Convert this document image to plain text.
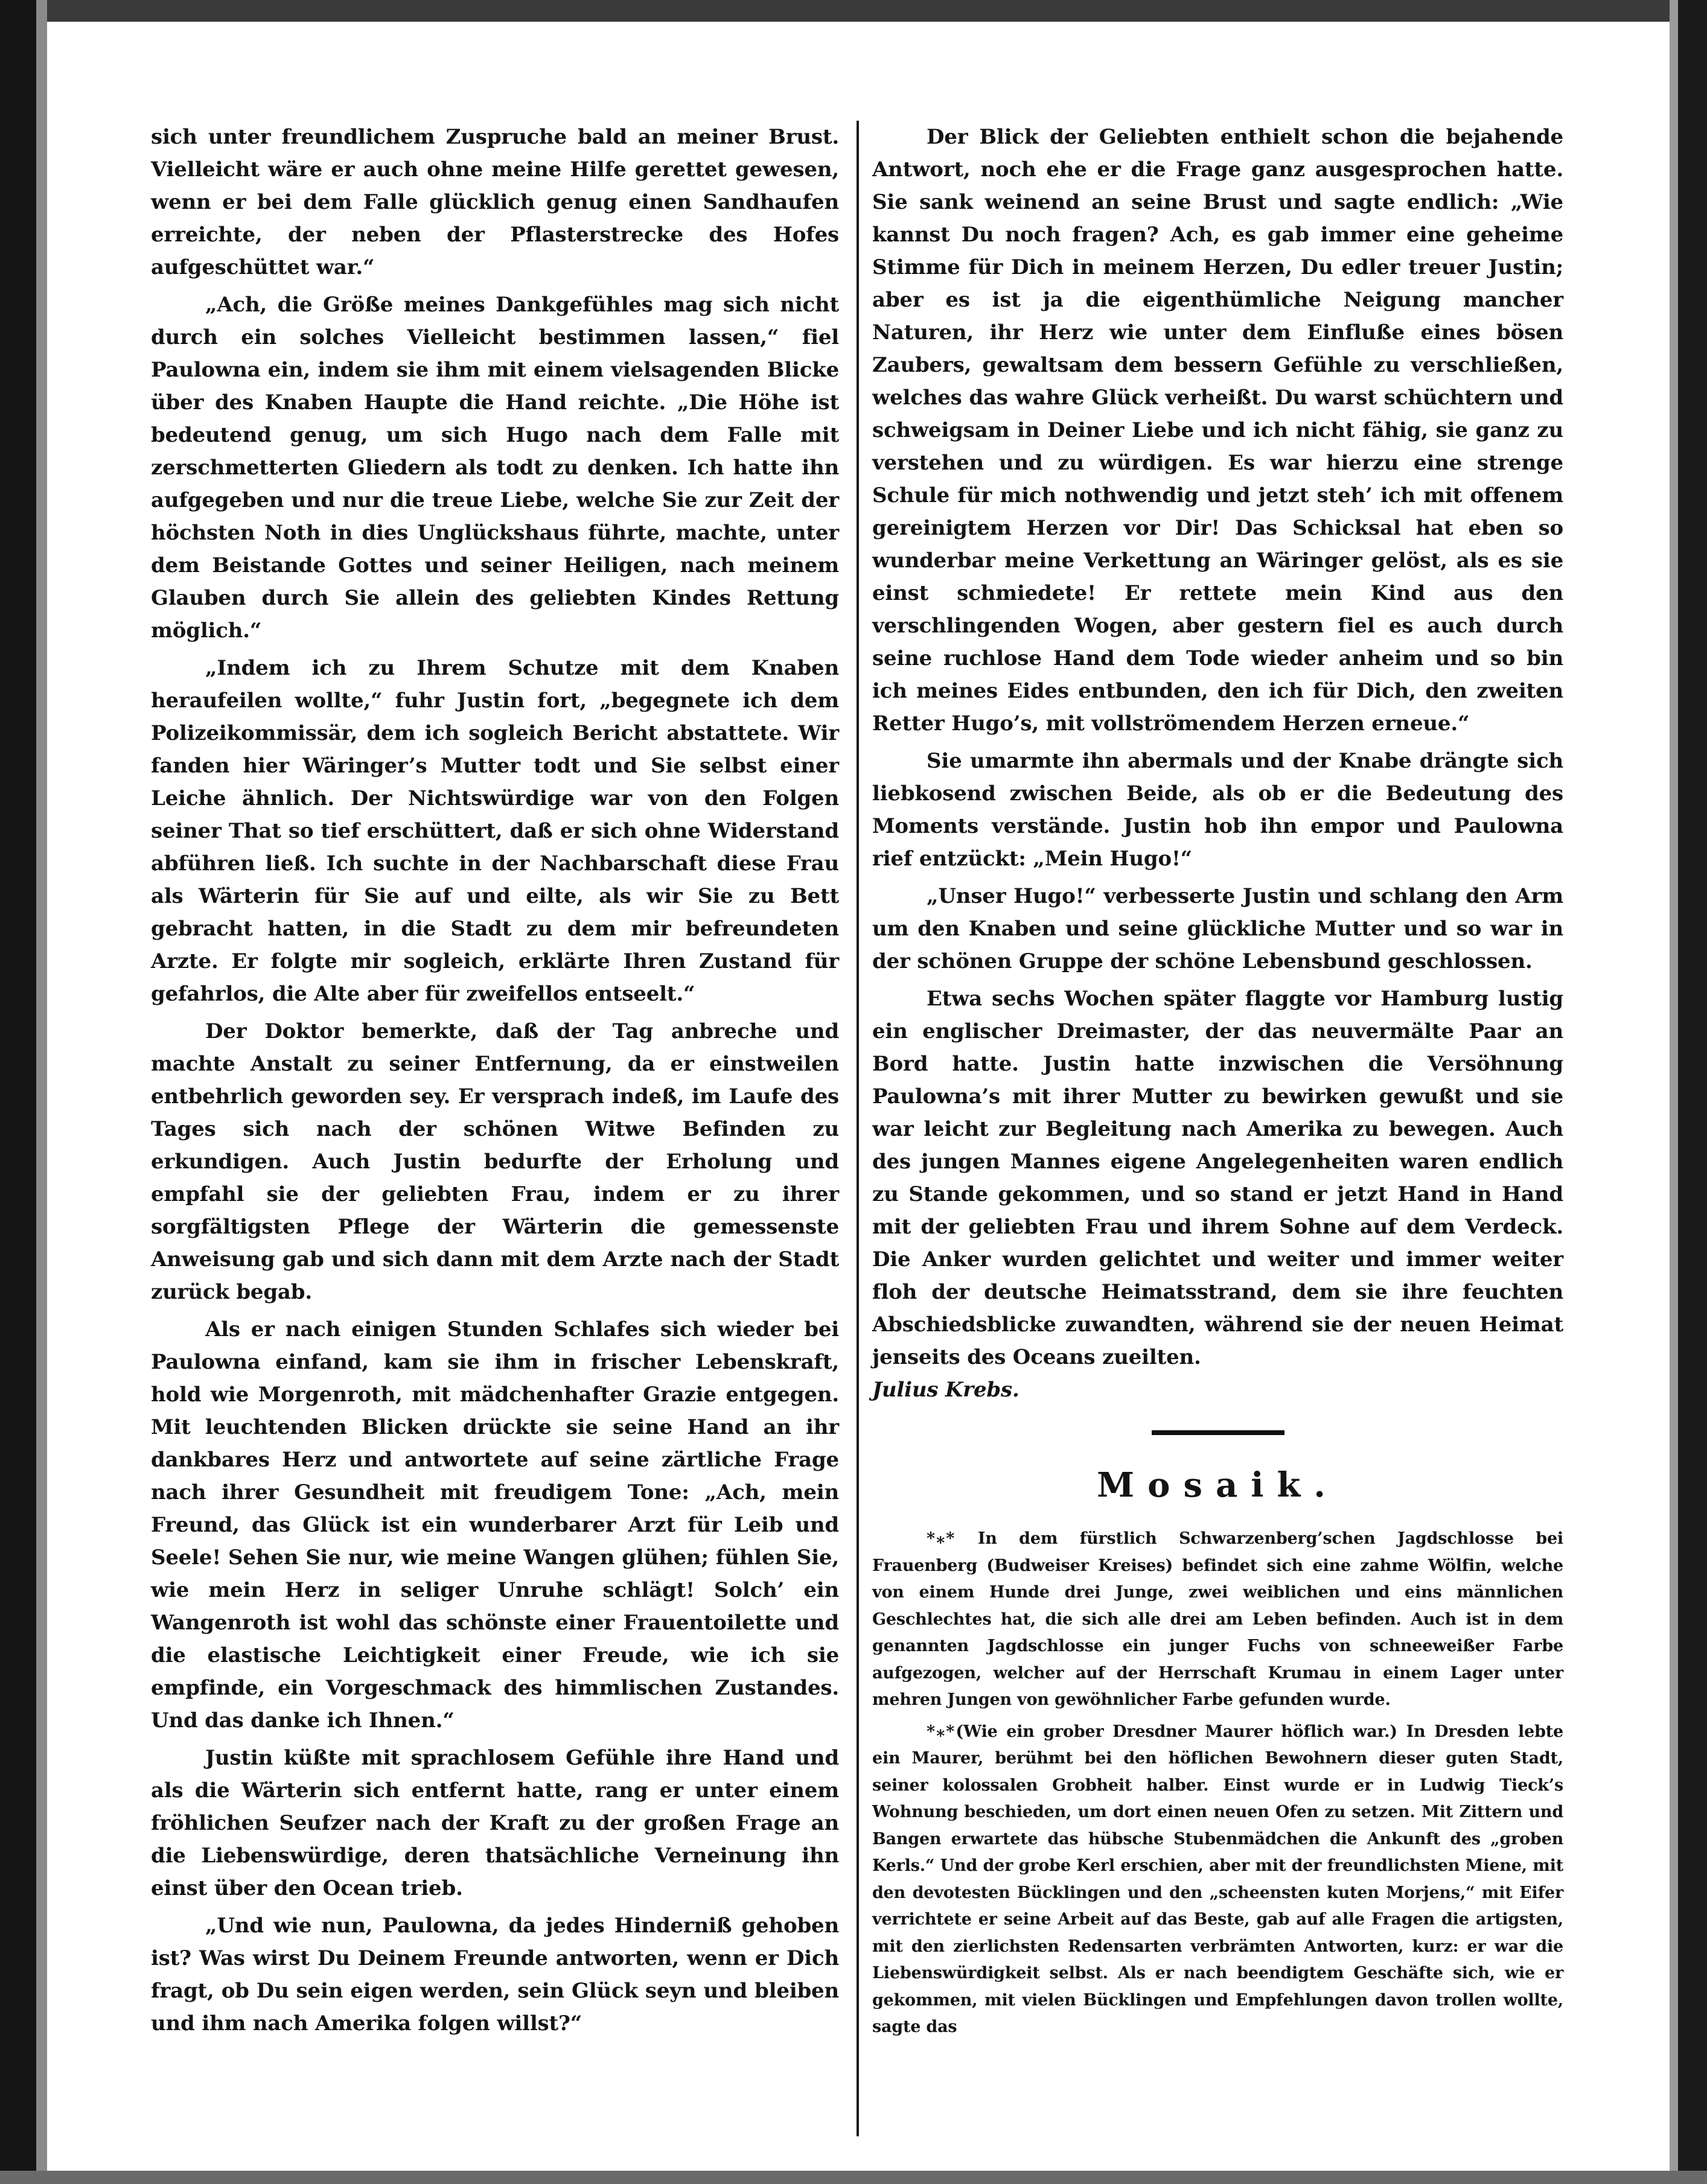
sich unter freundlichem Zuspruche bald an meiner Brust. Vielleicht wäre er auch ohne meine Hilfe gerettet gewesen, wenn er bei dem Falle glücklich genug einen Sandhaufen erreichte, der neben der Pflasterstrecke des Hofes aufgeschüttet war.“

„Ach, die Größe meines Dankgefühles mag sich nicht durch ein solches Vielleicht bestimmen lassen,“ fiel Paulowna ein, indem sie ihm mit einem vielsagenden Blicke über des Knaben Haupte die Hand reichte. „Die Höhe ist bedeutend genug, um sich Hugo nach dem Falle mit zerschmetterten Gliedern als todt zu denken. Ich hatte ihn aufgegeben und nur die treue Liebe, welche Sie zur Zeit der höchsten Noth in dies Unglückshaus führte, machte, unter dem Beistande Gottes und seiner Heiligen, nach meinem Glauben durch Sie allein des geliebten Kindes Rettung möglich.“

„Indem ich zu Ihrem Schutze mit dem Knaben heraufeilen wollte,“ fuhr Justin fort, „begegnete ich dem Polizeikommissär, dem ich sogleich Bericht abstattete. Wir fanden hier Wäringer’s Mutter todt und Sie selbst einer Leiche ähnlich. Der Nichtswürdige war von den Folgen seiner That so tief erschüttert, daß er sich ohne Widerstand abführen ließ. Ich suchte in der Nachbarschaft diese Frau als Wärterin für Sie auf und eilte, als wir Sie zu Bett gebracht hatten, in die Stadt zu dem mir befreundeten Arzte. Er folgte mir sogleich, erklärte Ihren Zustand für gefahrlos, die Alte aber für zweifellos entseelt.“

Der Doktor bemerkte, daß der Tag anbreche und machte Anstalt zu seiner Entfernung, da er einstweilen entbehrlich geworden sey. Er versprach indeß, im Laufe des Tages sich nach der schönen Witwe Befinden zu erkundigen. Auch Justin bedurfte der Erholung und empfahl sie der geliebten Frau, indem er zu ihrer sorgfältigsten Pflege der Wärterin die gemessenste Anweisung gab und sich dann mit dem Arzte nach der Stadt zurück begab.

Als er nach einigen Stunden Schlafes sich wieder bei Paulowna einfand, kam sie ihm in frischer Lebenskraft, hold wie Morgenroth, mit mädchenhafter Grazie entgegen. Mit leuchtenden Blicken drückte sie seine Hand an ihr dankbares Herz und antwortete auf seine zärtliche Frage nach ihrer Gesundheit mit freudigem Tone: „Ach, mein Freund, das Glück ist ein wunderbarer Arzt für Leib und Seele! Sehen Sie nur, wie meine Wangen glühen; fühlen Sie, wie mein Herz in seliger Unruhe schlägt! Solch’ ein Wangenroth ist wohl das schönste einer Frauentoilette und die elastische Leichtigkeit einer Freude, wie ich sie empfinde, ein Vorgeschmack des himmlischen Zustandes. Und das danke ich Ihnen.“

Justin küßte mit sprachlosem Gefühle ihre Hand und als die Wärterin sich entfernt hatte, rang er unter einem fröhlichen Seufzer nach der Kraft zu der großen Frage an die Liebenswürdige, deren thatsächliche Verneinung ihn einst über den Ocean trieb.

„Und wie nun, Paulowna, da jedes Hinderniß gehoben ist? Was wirst Du Deinem Freunde antworten, wenn er Dich fragt, ob Du sein eigen werden, sein Glück seyn und bleiben und ihm nach Amerika folgen willst?“

Der Blick der Geliebten enthielt schon die bejahende Antwort, noch ehe er die Frage ganz ausgesprochen hatte. Sie sank weinend an seine Brust und sagte endlich: „Wie kannst Du noch fragen? Ach, es gab immer eine geheime Stimme für Dich in meinem Herzen, Du edler treuer Justin; aber es ist ja die eigenthümliche Neigung mancher Naturen, ihr Herz wie unter dem Einfluße eines bösen Zaubers, gewaltsam dem bessern Gefühle zu verschließen, welches das wahre Glück verheißt. Du warst schüchtern und schweigsam in Deiner Liebe und ich nicht fähig, sie ganz zu verstehen und zu würdigen. Es war hierzu eine strenge Schule für mich nothwendig und jetzt steh’ ich mit offenem gereinigtem Herzen vor Dir! Das Schicksal hat eben so wunderbar meine Verkettung an Wäringer gelöst, als es sie einst schmiedete! Er rettete mein Kind aus den verschlingenden Wogen, aber gestern fiel es auch durch seine ruchlose Hand dem Tode wieder anheim und so bin ich meines Eides entbunden, den ich für Dich, den zweiten Retter Hugo’s, mit vollströmendem Herzen erneue.“

Sie umarmte ihn abermals und der Knabe drängte sich liebkosend zwischen Beide, als ob er die Bedeutung des Moments verstände. Justin hob ihn empor und Paulowna rief entzückt: „Mein Hugo!“

„Unser Hugo!“ verbesserte Justin und schlang den Arm um den Knaben und seine glückliche Mutter und so war in der schönen Gruppe der schöne Lebensbund geschlossen.

Etwa sechs Wochen später flaggte vor Hamburg lustig ein englischer Dreimaster, der das neuvermälte Paar an Bord hatte. Justin hatte inzwischen die Versöhnung Paulowna’s mit ihrer Mutter zu bewirken gewußt und sie war leicht zur Begleitung nach Amerika zu bewegen. Auch des jungen Mannes eigene Angelegenheiten waren endlich zu Stande gekommen, und so stand er jetzt Hand in Hand mit der geliebten Frau und ihrem Sohne auf dem Verdeck. Die Anker wurden gelichtet und weiter und immer weiter floh der deutsche Heimatsstrand, dem sie ihre feuchten Abschiedsblicke zuwandten, während sie der neuen Heimat jenseits des Oceans zueilten.

Julius Krebs.

Mosaik.

*⁎* In dem fürstlich Schwarzenberg’schen Jagdschlosse bei Frauenberg (Budweiser Kreises) befindet sich eine zahme Wölfin, welche von einem Hunde drei Junge, zwei weiblichen und eins männlichen Geschlechtes hat, die sich alle drei am Leben befinden. Auch ist in dem genannten Jagdschlosse ein junger Fuchs von schneeweißer Farbe aufgezogen, welcher auf der Herrschaft Krumau in einem Lager unter mehren Jungen von gewöhnlicher Farbe gefunden wurde.

*⁎*(Wie ein grober Dresdner Maurer höflich war.) In Dresden lebte ein Maurer, berühmt bei den höflichen Bewohnern dieser guten Stadt, seiner kolossalen Grobheit halber. Einst wurde er in Ludwig Tieck’s Wohnung beschieden, um dort einen neuen Ofen zu setzen. Mit Zittern und Bangen erwartete das hübsche Stubenmädchen die Ankunft des „groben Kerls.“ Und der grobe Kerl erschien, aber mit der freundlichsten Miene, mit den devotesten Bücklingen und den „scheensten kuten Morjens,“ mit Eifer verrichtete er seine Arbeit auf das Beste, gab auf alle Fragen die artigsten, mit den zierlichsten Redensarten verbrämten Antworten, kurz: er war die Liebenswürdigkeit selbst. Als er nach beendigtem Geschäfte sich, wie er gekommen, mit vielen Bücklingen und Empfehlungen davon trollen wollte, sagte das
